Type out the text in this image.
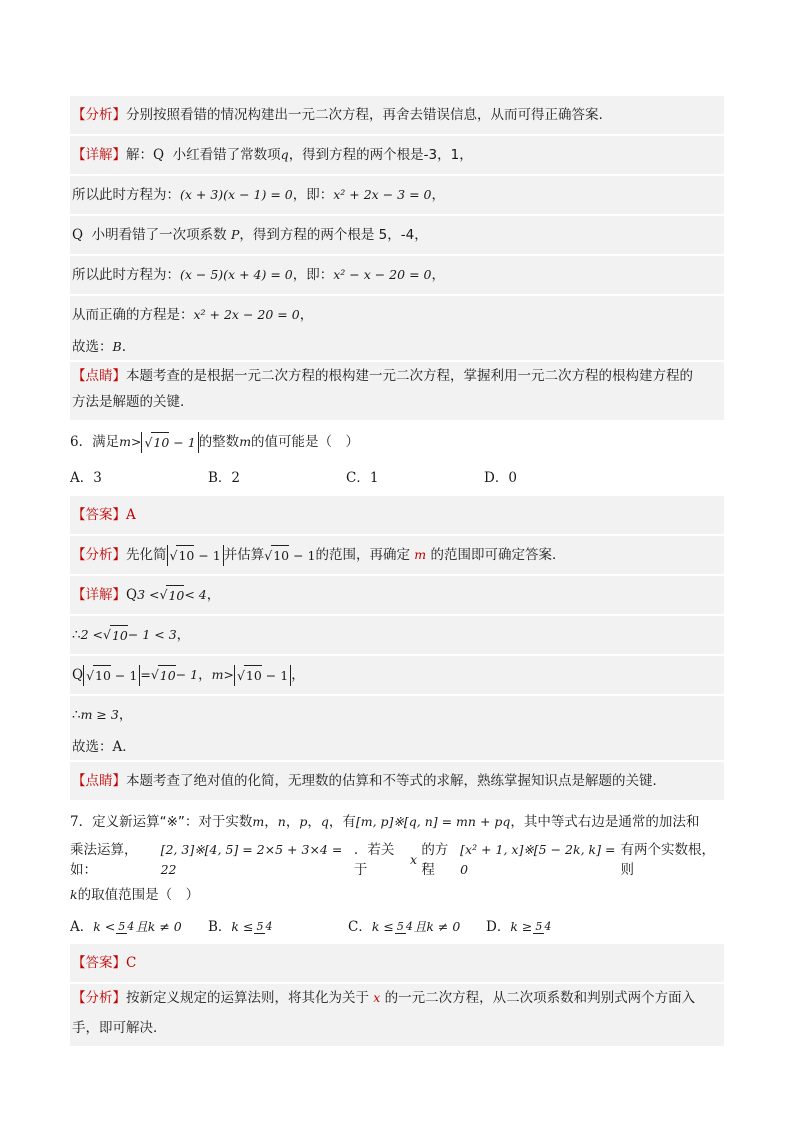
【分析】 分别按照看错的情况构建出一元二次方程，再舍去错误信息，从而可得正确答案.
【详解】 解： Q
小红看错了常数项 q ，得到方程的两个根是-3，1，
所以此时方程为： (x + 3)(x − 1) = 0 ，即： x² + 2x − 3 = 0 ，
Q
小明看错了一次项系数
P ，得到方程的两个根是 5，-4，
所以此时方程为： (x − 5)(x + 4) = 0 ，即： x² − x − 20 = 0 ，
从而正确的方程是： x² + 2x − 20 = 0 ，
故选： B .
【点睛】本题考查的是根据一元二次方程的根构建一元二次方程，掌握利用一元二次方程的根构建方程的
方法是解题的关键.
6． 满足 m > √10 − 1 的整数 m 的值可能是（　）
A．3	B．2	C．1	D．0
【答案】 A
【分析】 先化简 √10 − 1 并估算 √10 − 1 的范围，再确定
m
的范围即可确定答案．
【详解】 Q 3 < √ 10 < 4 ，
∴ 2 < √ 10 − 1 < 3 ，
Q √10 − 1 = √ 10 − 1 ， m > √10 − 1 ，
∴ m ≥ 3 ，
故选： A ．
【点睛】 本题考查了绝对值的化简，无理数的估算和不等式的求解，熟练掌握知识点是解题的关键．
7． 定义新运算“※”：对于实数 m ， n ， p ， q ，有 [m, p]※[q, n] = mn + pq ，其中等式右边是通常的加法和
乘法运算，如：
[2, 3]※[4, 5] = 2×5 + 3×4 = 22
．若关于

x

的方程
[x² + 1, x]※[5 − 2k, k] = 0
有两个实数根，则
k 的取值范围是（　）
A．k <5 4且k ≠ 0	B．k ≤5 4	C．k ≤5 4且k ≠ 0	D．k ≥5 4
【答案】 C
【分析】按新定义规定的运算法则，将其化为关于 x 的一元二次方程，从二次项系数和判别式两个方面入
手，即可解决．
